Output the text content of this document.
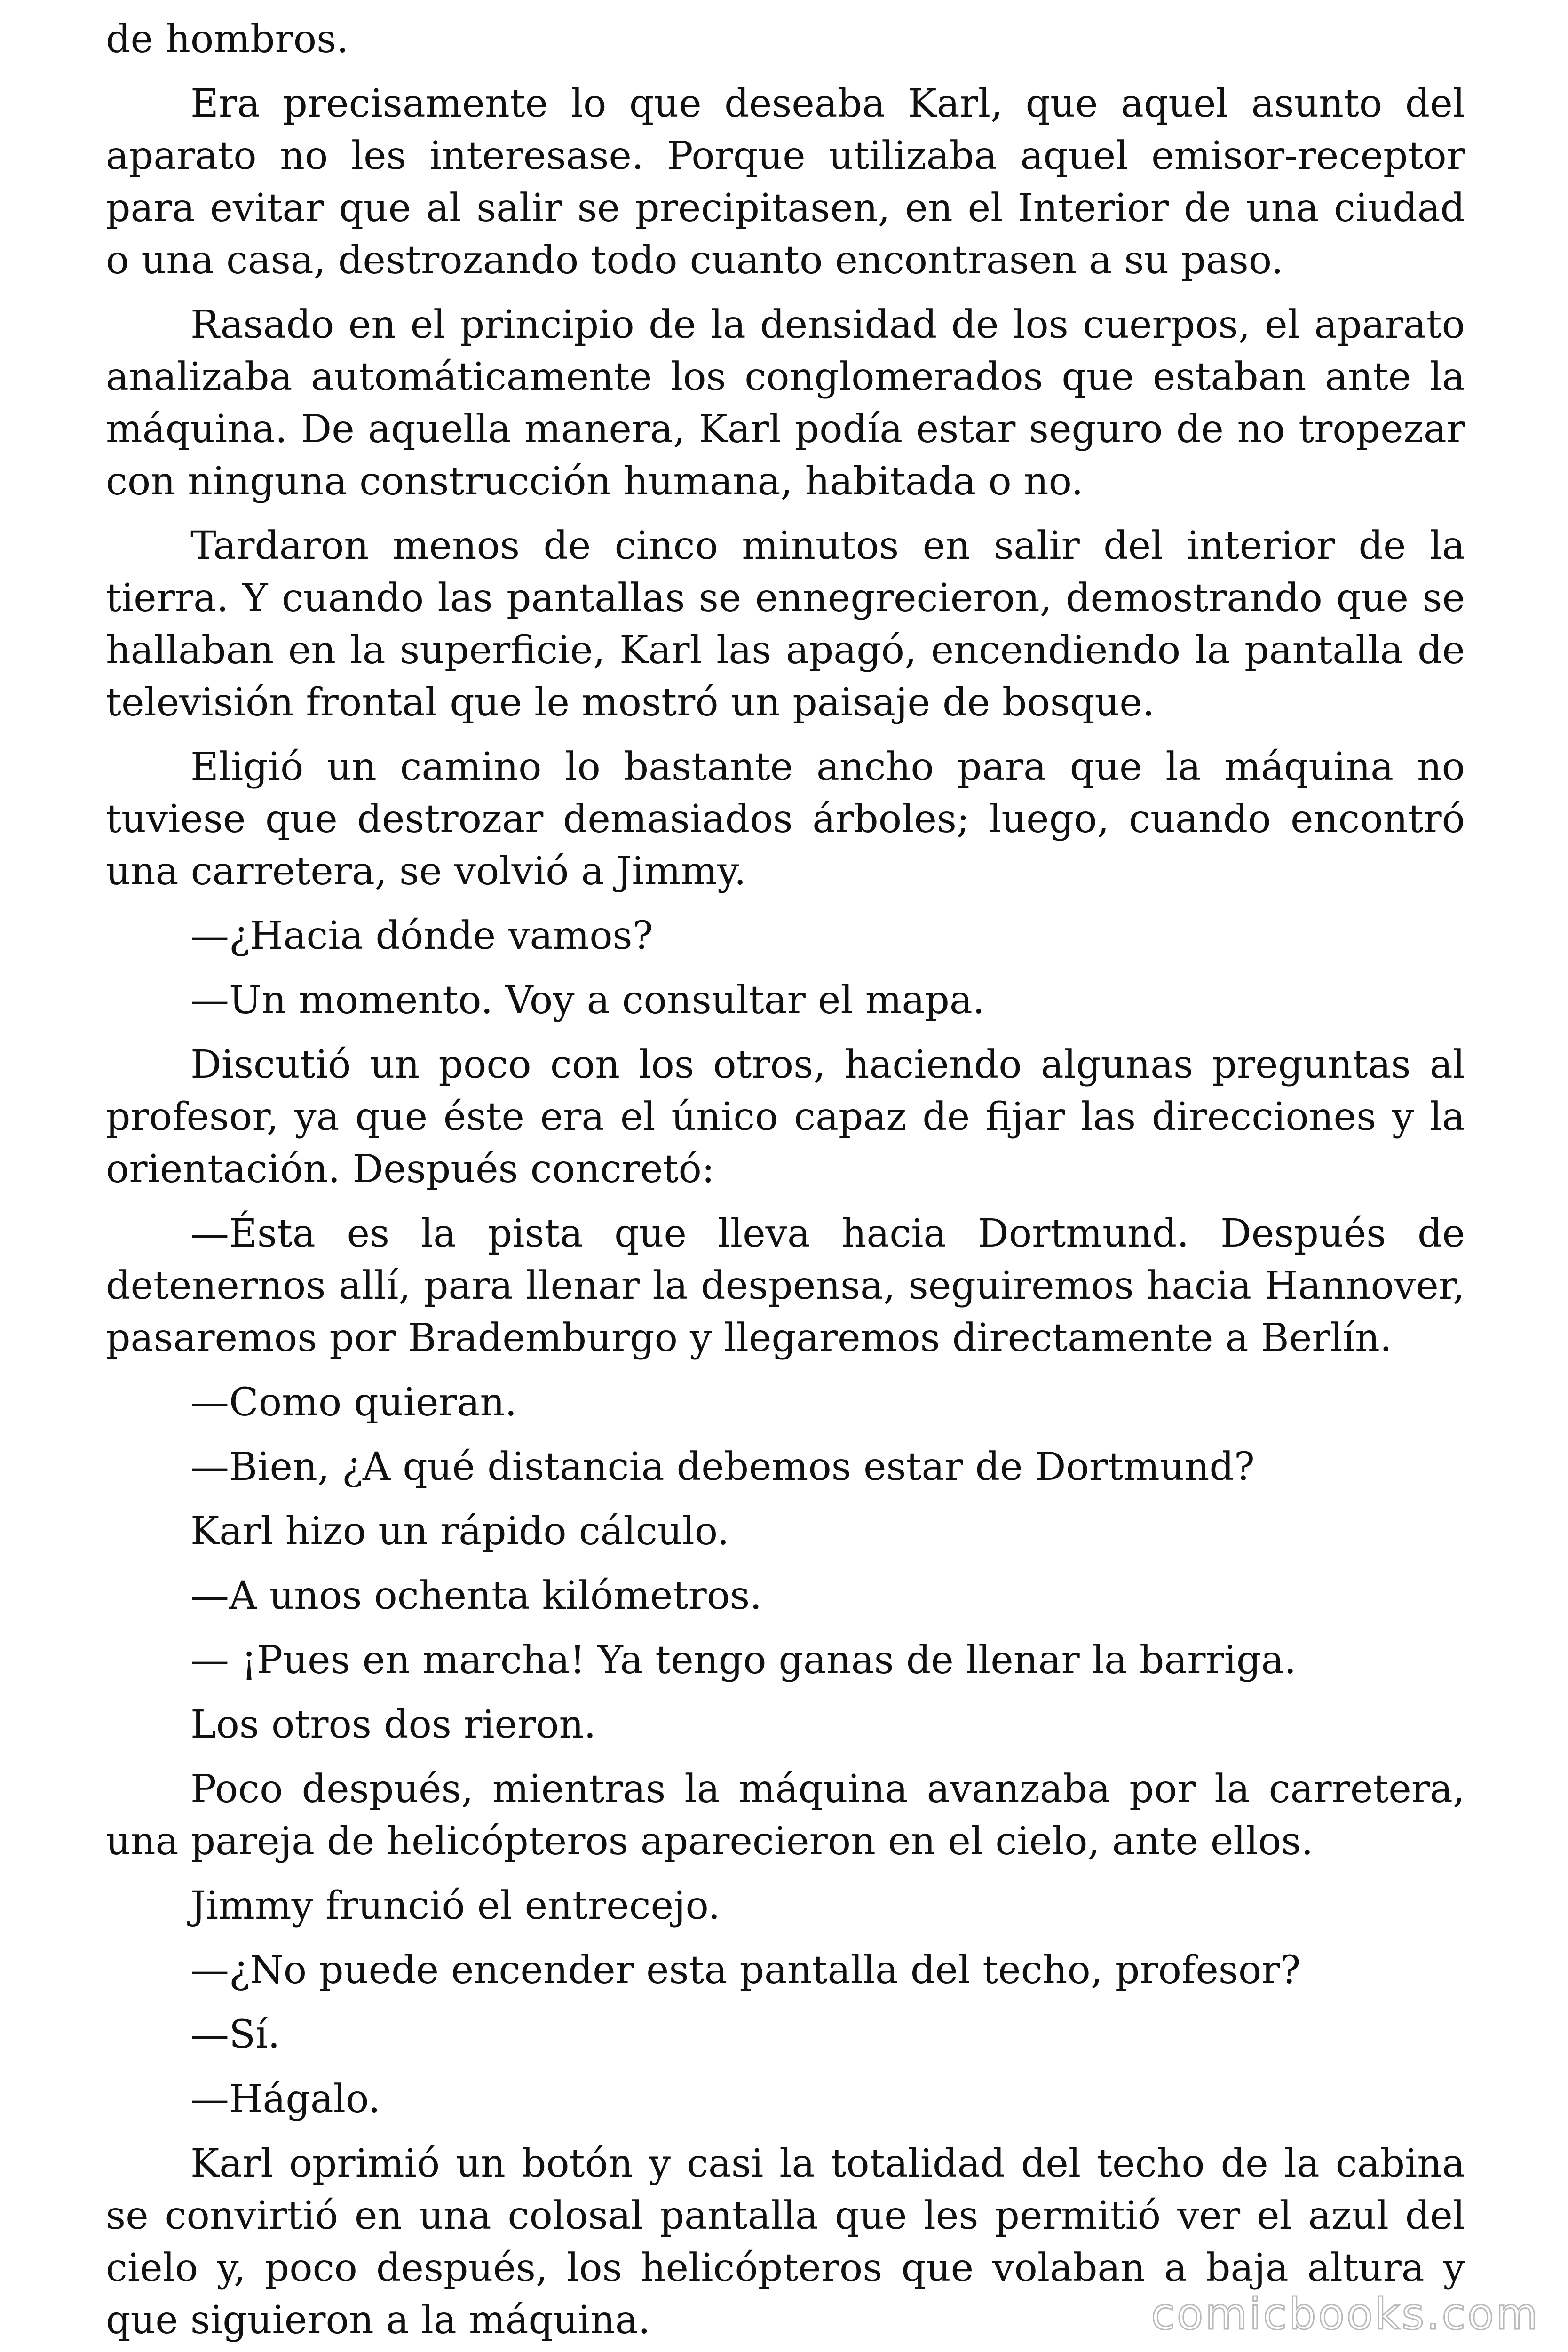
de hombros.

Era precisamente lo que deseaba Karl, que aquel asunto del aparato no les interesase. Porque utilizaba aquel emisor-receptor para evitar que al salir se precipitasen, en el Interior de una ciudad o una casa, destrozando todo cuanto encontrasen a su paso.

Rasado en el principio de la densidad de los cuerpos, el aparato analizaba automáticamente los conglomerados que estaban ante la máquina. De aquella manera, Karl podía estar seguro de no tropezar con ninguna construcción humana, habitada o no.

Tardaron menos de cinco minutos en salir del interior de la tierra. Y cuando las pantallas se ennegrecieron, demostrando que se hallaban en la superficie, Karl las apagó, encendiendo la pantalla de televisión frontal que le mostró un paisaje de bosque.

Eligió un camino lo bastante ancho para que la máquina no tuviese que destrozar demasiados árboles; luego, cuando encontró una carretera, se volvió a Jimmy.

—¿Hacia dónde vamos?

—Un momento. Voy a consultar el mapa.

Discutió un poco con los otros, haciendo algunas preguntas al profesor, ya que éste era el único capaz de fijar las direcciones y la orientación. Después concretó:

—Ésta es la pista que lleva hacia Dortmund. Después de detenernos allí, para llenar la despensa, seguiremos hacia Hannover, pasaremos por Brademburgo y llegaremos directamente a Berlín.

—Como quieran.

—Bien, ¿A qué distancia debemos estar de Dortmund?

Karl hizo un rápido cálculo.

—A unos ochenta kilómetros.

— ¡Pues en marcha! Ya tengo ganas de llenar la barriga.

Los otros dos rieron.

Poco después, mientras la máquina avanzaba por la carretera, una pareja de helicópteros aparecieron en el cielo, ante ellos.

Jimmy frunció el entrecejo.

—¿No puede encender esta pantalla del techo, profesor?

—Sí.

—Hágalo.

Karl oprimió un botón y casi la totalidad del techo de la cabina se convirtió en una colosal pantalla que les permitió ver el azul del cielo y, poco después, los helicópteros que volaban a baja altura y que siguieron a la máquina.	comicbooks.com
